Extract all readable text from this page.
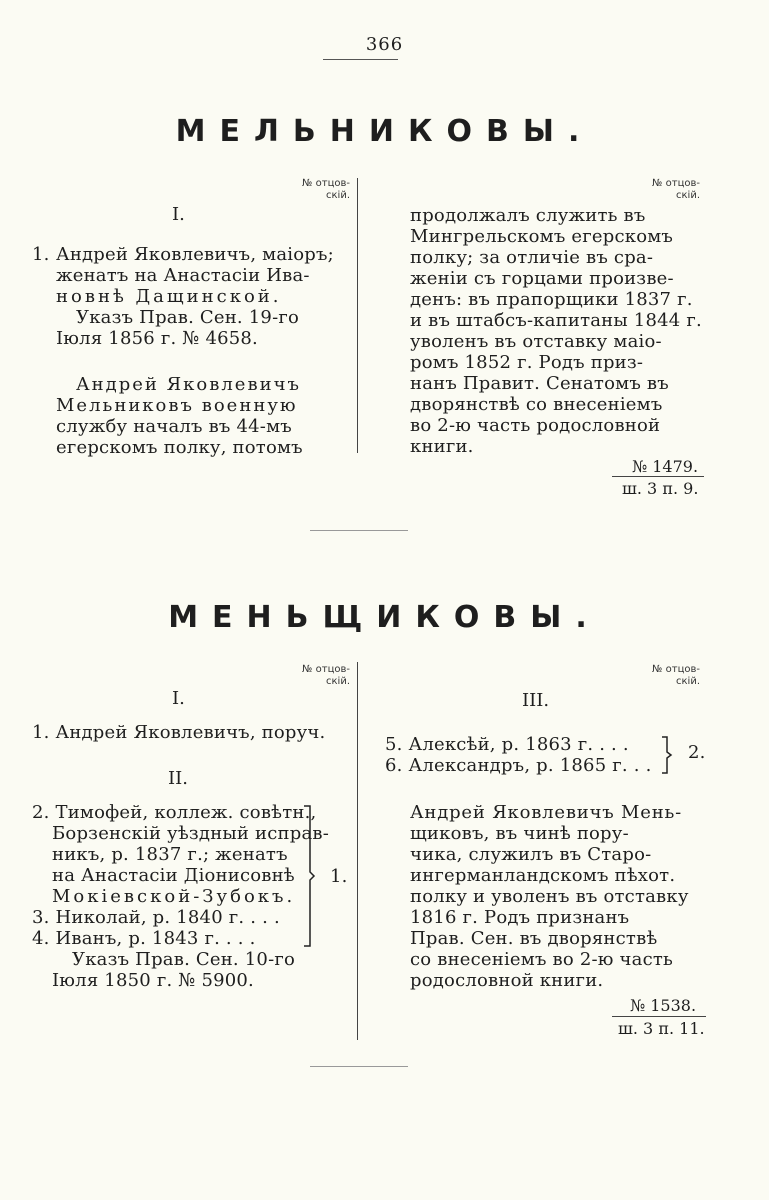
366
МЕЛЬНИКОВЫ.
№ отцов-
скій.
№ отцов-
скій.
I.
1. Андрей Яковлевичъ, маіоръ;
женатъ на Анастасіи Ива-
новнѣ Дащинской.
Указъ Прав. Сен. 19-го
Іюля 1856 г. № 4658.
Андрей Яковлевичъ
Мельниковъ военную
службу началъ въ 44-мъ
егерскомъ полку, потомъ
продолжалъ служить въ
Мингрельскомъ егерскомъ
полку; за отличіе въ сра-
женіи съ горцами произве-
денъ: въ прапорщики 1837 г.
и въ штабсъ-капитаны 1844 г.
уволенъ въ отставку маіо-
ромъ 1852 г. Родъ приз-
нанъ Правит. Сенатомъ въ
дворянствѣ со внесеніемъ
во 2-ю часть родословной
книги.
№ 1479.
ш. 3 п. 9.
МЕНЬЩИКОВЫ.
№ отцов-
скій.
№ отцов-
скій.
I.
1. Андрей Яковлевичъ, поруч.
II.
2. Тимофей, коллеж. совѣтн.,
Борзенскій уѣздный исправ-
никъ, р. 1837 г.; женатъ
на Анастасіи Діонисовнѣ
Мокіевской-Зубокъ.
3. Николай, р. 1840 г. . . .
4. Иванъ, р. 1843 г. . . .
1.
Указъ Прав. Сен. 10-го
Іюля 1850 г. № 5900.
III.
5. Алексѣй, р. 1863 г. . . .
6. Александръ, р. 1865 г. . .
2.
Андрей Яковлевичъ Мень-
щиковъ, въ чинѣ пору-
чика, служилъ въ Старо-
ингерманландскомъ пѣхот.
полку и уволенъ въ отставку
1816 г. Родъ признанъ
Прав. Сен. въ дворянствѣ
со внесеніемъ во 2-ю часть
родословной книги.
№ 1538.
ш. 3 п. 11.
